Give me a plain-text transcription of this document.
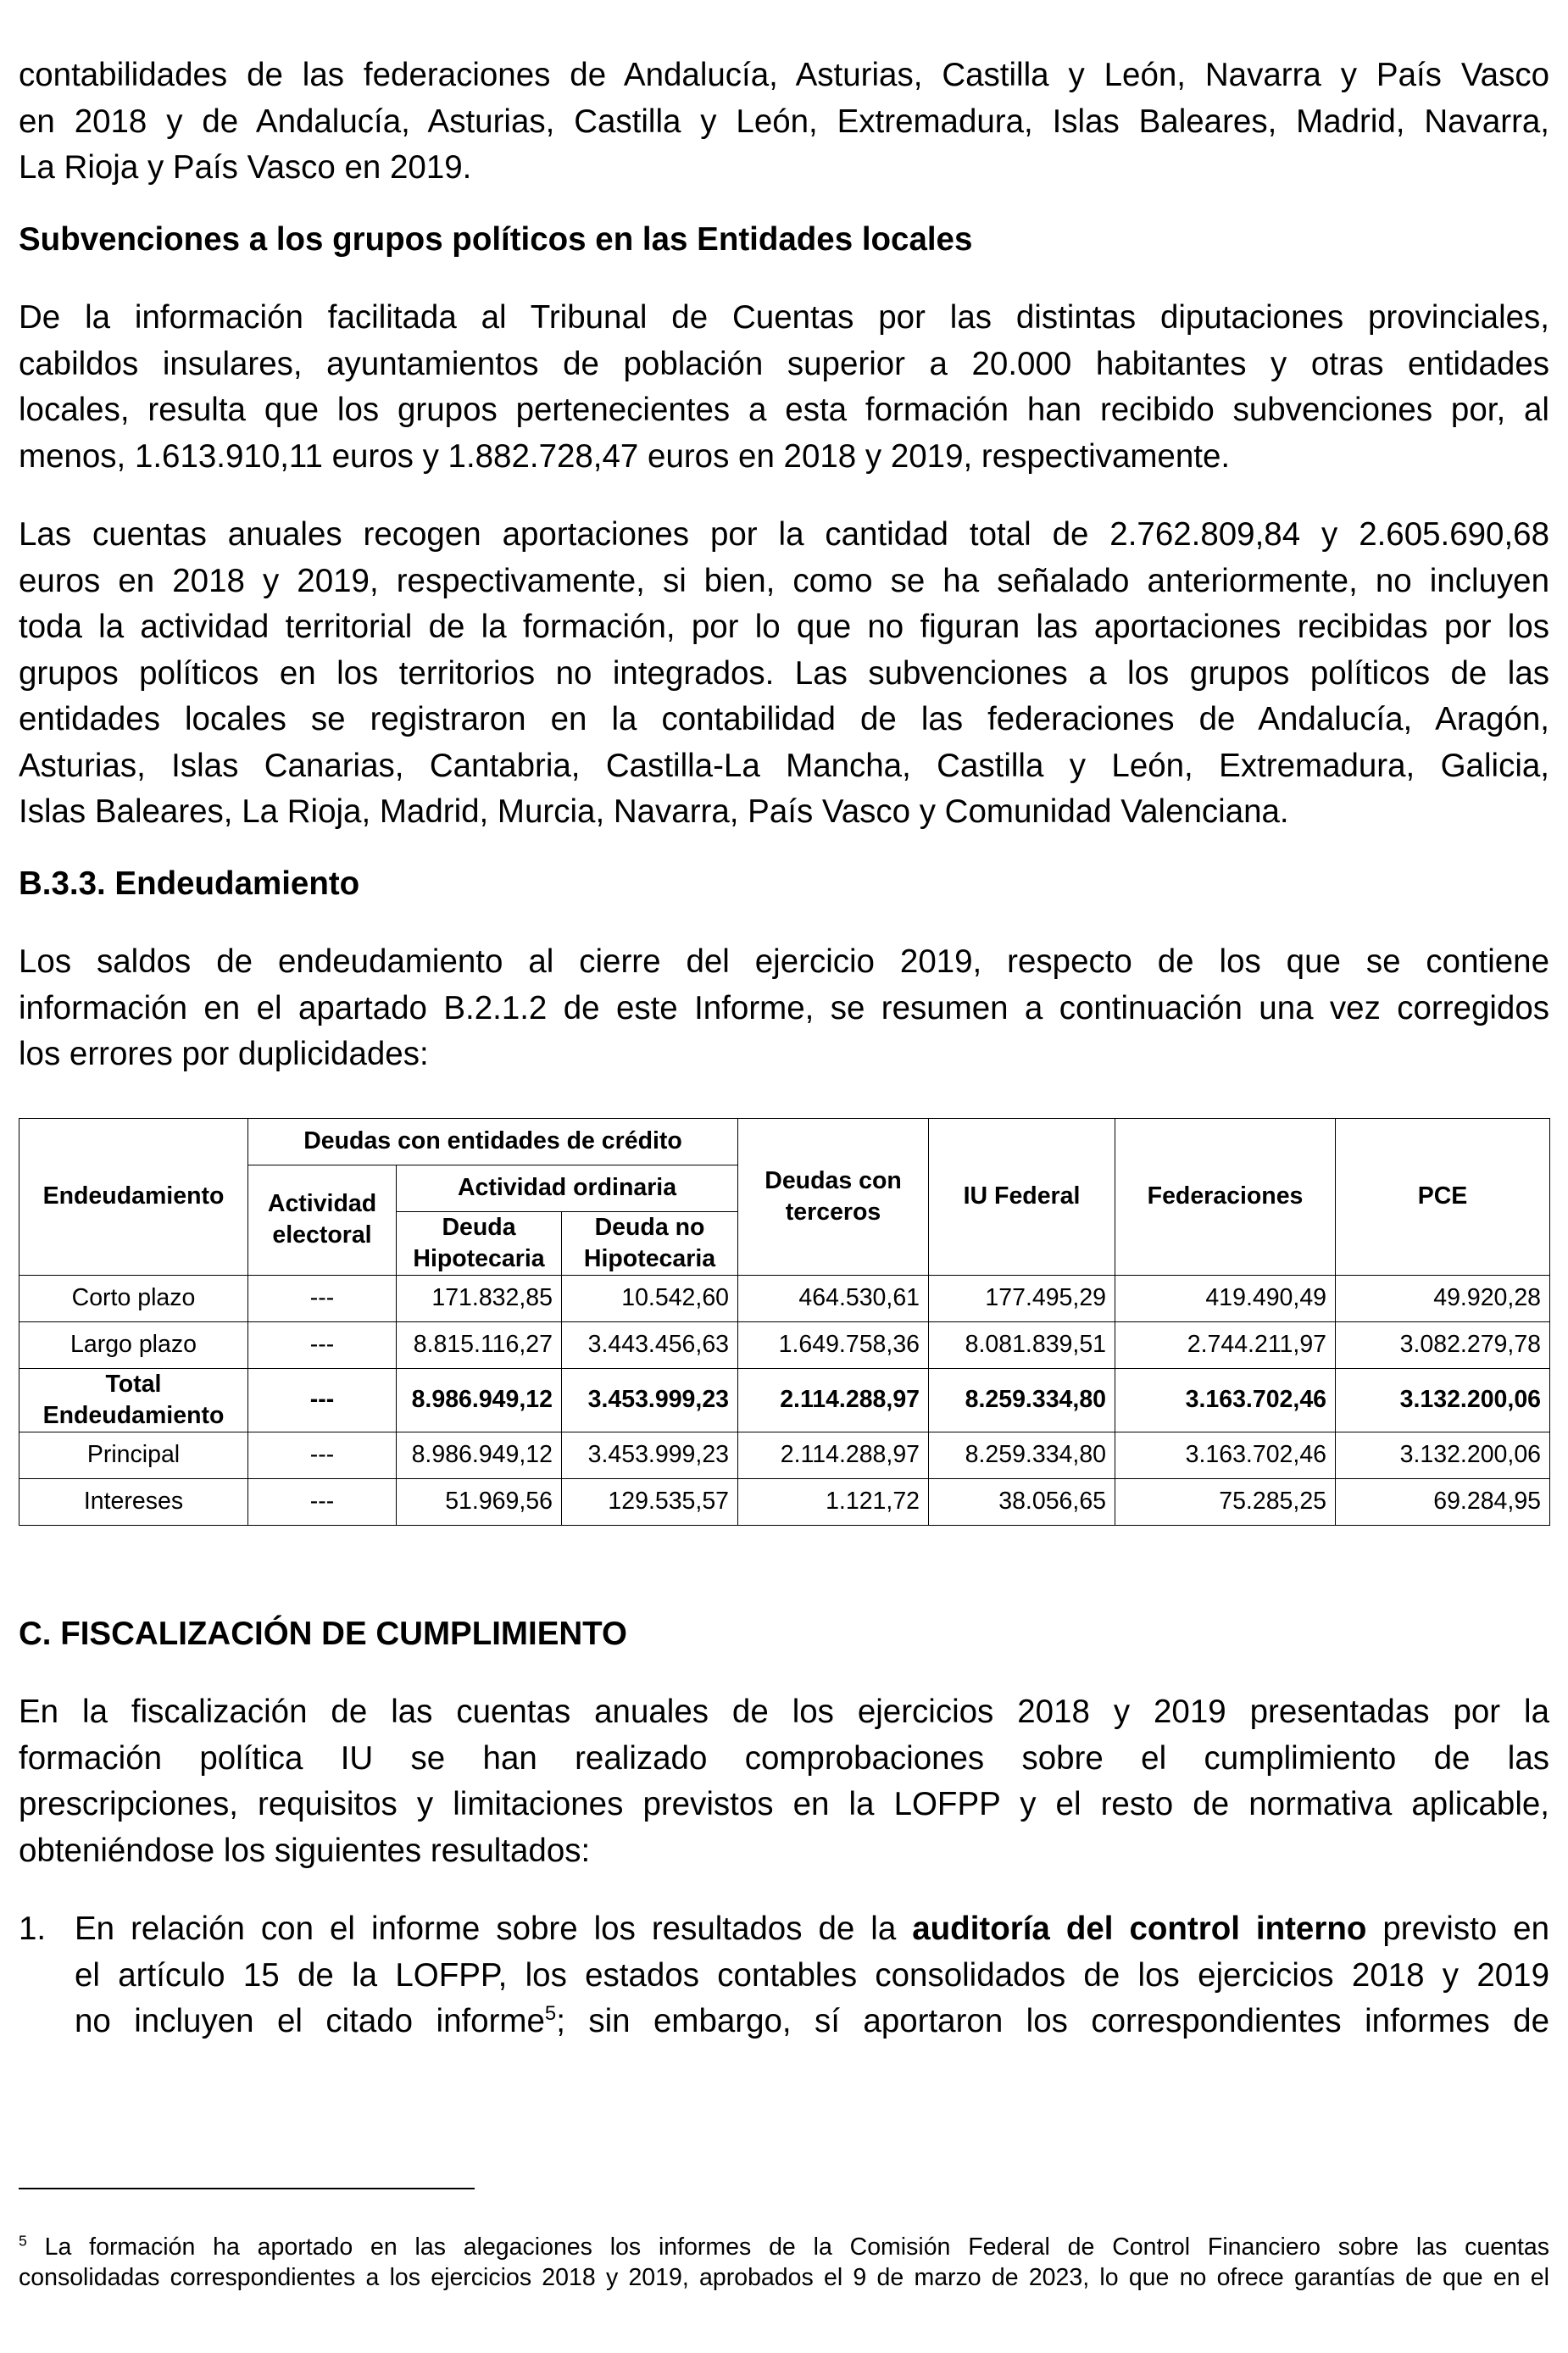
contabilidades de las federaciones de Andalucía, Asturias, Castilla y León, Navarra y País Vasco
en 2018 y de Andalucía, Asturias, Castilla y León, Extremadura, Islas Baleares, Madrid, Navarra,
La Rioja y País Vasco en 2019.

Subvenciones a los grupos políticos en las Entidades locales

De la información facilitada al Tribunal de Cuentas por las distintas diputaciones provinciales,
cabildos insulares, ayuntamientos de población superior a 20.000 habitantes y otras entidades
locales, resulta que los grupos pertenecientes a esta formación han recibido subvenciones por, al
menos, 1.613.910,11 euros y 1.882.728,47 euros en 2018 y 2019, respectivamente.

Las cuentas anuales recogen aportaciones por la cantidad total de 2.762.809,84 y 2.605.690,68
euros en 2018 y 2019, respectivamente, si bien, como se ha señalado anteriormente, no incluyen
toda la actividad territorial de la formación, por lo que no figuran las aportaciones recibidas por los
grupos políticos en los territorios no integrados. Las subvenciones a los grupos políticos de las
entidades locales se registraron en la contabilidad de las federaciones de Andalucía, Aragón,
Asturias, Islas Canarias, Cantabria, Castilla-La Mancha, Castilla y León, Extremadura, Galicia,
Islas Baleares, La Rioja, Madrid, Murcia, Navarra, País Vasco y Comunidad Valenciana.

B.3.3. Endeudamiento

Los saldos de endeudamiento al cierre del ejercicio 2019, respecto de los que se contiene
información en el apartado B.2.1.2 de este Informe, se resumen a continuación una vez corregidos
los errores por duplicidades:

Endeudamiento	Deudas con entidades de crédito			Deudas con terceros	IU Federal	Federaciones	PCE
	Actividad electoral	Actividad ordinaria					
		Deuda Hipotecaria	Deuda no Hipotecaria				

Corto plazo	---	171.832,85	10.542,60	464.530,61	177.495,29	419.490,49	49.920,28
Largo plazo	---	8.815.116,27	3.443.456,63	1.649.758,36	8.081.839,51	2.744.211,97	3.082.279,78

Total
Endeudamiento	---	8.986.949,12	3.453.999,23	2.114.288,97	8.259.334,80	3.163.702,46	3.132.200,06
Principal	---	8.986.949,12	3.453.999,23	2.114.288,97	8.259.334,80	3.163.702,46	3.132.200,06
Intereses	---	51.969,56	129.535,57	1.121,72	38.056,65	75.285,25	69.284,95

C. FISCALIZACIÓN DE CUMPLIMIENTO

En la fiscalización de las cuentas anuales de los ejercicios 2018 y 2019 presentadas por la
formación política IU se han realizado comprobaciones sobre el cumplimiento de las
prescripciones, requisitos y limitaciones previstos en la LOFPP y el resto de normativa aplicable,
obteniéndose los siguientes resultados:

1. En relación con el informe sobre los resultados de la auditoría del control interno previsto en
el artículo 15 de la LOFPP, los estados contables consolidados de los ejercicios 2018 y 2019
no incluyen el citado informe$^5$; sin embargo, sí aportaron los correspondientes informes de
$^5$ La formación ha aportado en las alegaciones los informes de la Comisión Federal de Control Financiero sobre las cuentas
consolidadas correspondientes a los ejercicios 2018 y 2019, aprobados el 9 de marzo de 2023, lo que no ofrece garantías de que en el
